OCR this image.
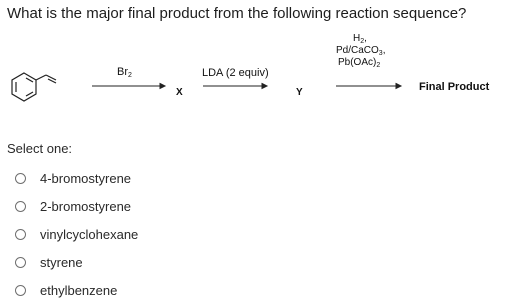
What is the major final product from the following reaction sequence?
$Br_2$
X
LDA (2 equiv)
Y
$H_2$,
Pd/CaCO$_3$,
$Pb(OAc)_2$
Final Product
Select one:
4-bromostyrene
2-bromostyrene
vinylcyclohexane
styrene
ethylbenzene
